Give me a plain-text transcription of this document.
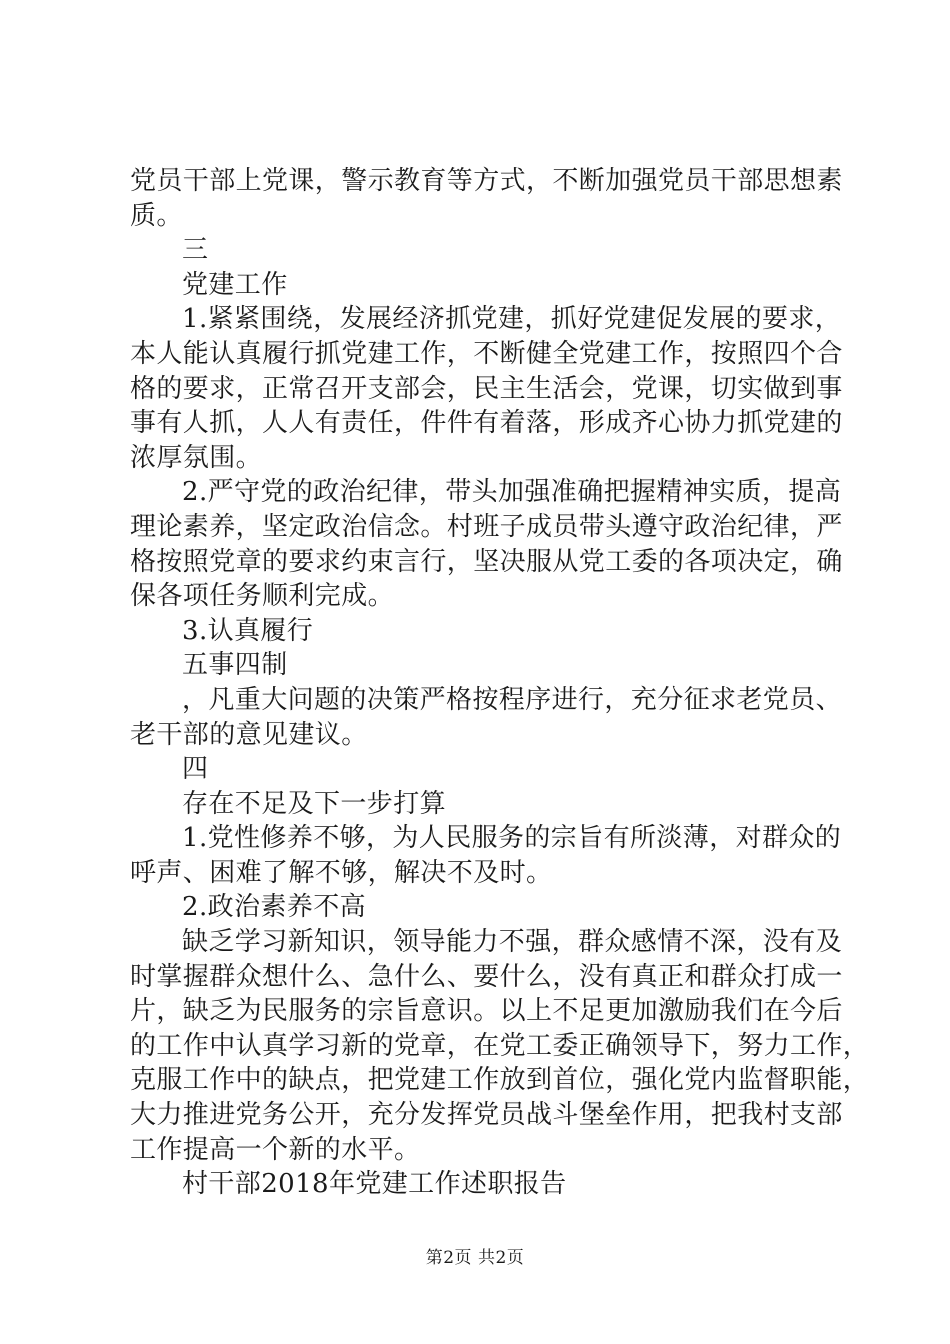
党员干部上党课，警示教育等方式，不断加强党员干部思想素
质。
三
党建工作
1.紧紧围绕，发展经济抓党建，抓好党建促发展的要求，
本人能认真履行抓党建工作，不断健全党建工作，按照四个合
格的要求，正常召开支部会，民主生活会，党课，切实做到事
事有人抓，人人有责任，件件有着落，形成齐心协力抓党建的
浓厚氛围。
2.严守党的政治纪律，带头加强准确把握精神实质，提高
理论素养，坚定政治信念。村班子成员带头遵守政治纪律，严
格按照党章的要求约束言行，坚决服从党工委的各项决定，确
保各项任务顺利完成。
3.认真履行
五事四制
，凡重大问题的决策严格按程序进行，充分征求老党员、
老干部的意见建议。
四
存在不足及下一步打算
1.党性修养不够，为人民服务的宗旨有所淡薄，对群众的
呼声、困难了解不够，解决不及时。
2.政治素养不高
缺乏学习新知识，领导能力不强，群众感情不深，没有及
时掌握群众想什么、急什么、要什么，没有真正和群众打成一
片，缺乏为民服务的宗旨意识。以上不足更加激励我们在今后
的工作中认真学习新的党章，在党工委正确领导下，努力工作，
克服工作中的缺点，把党建工作放到首位，强化党内监督职能，
大力推进党务公开，充分发挥党员战斗堡垒作用，把我村支部
工作提高一个新的水平。
村干部2018年党建工作述职报告
第2页 共2页
